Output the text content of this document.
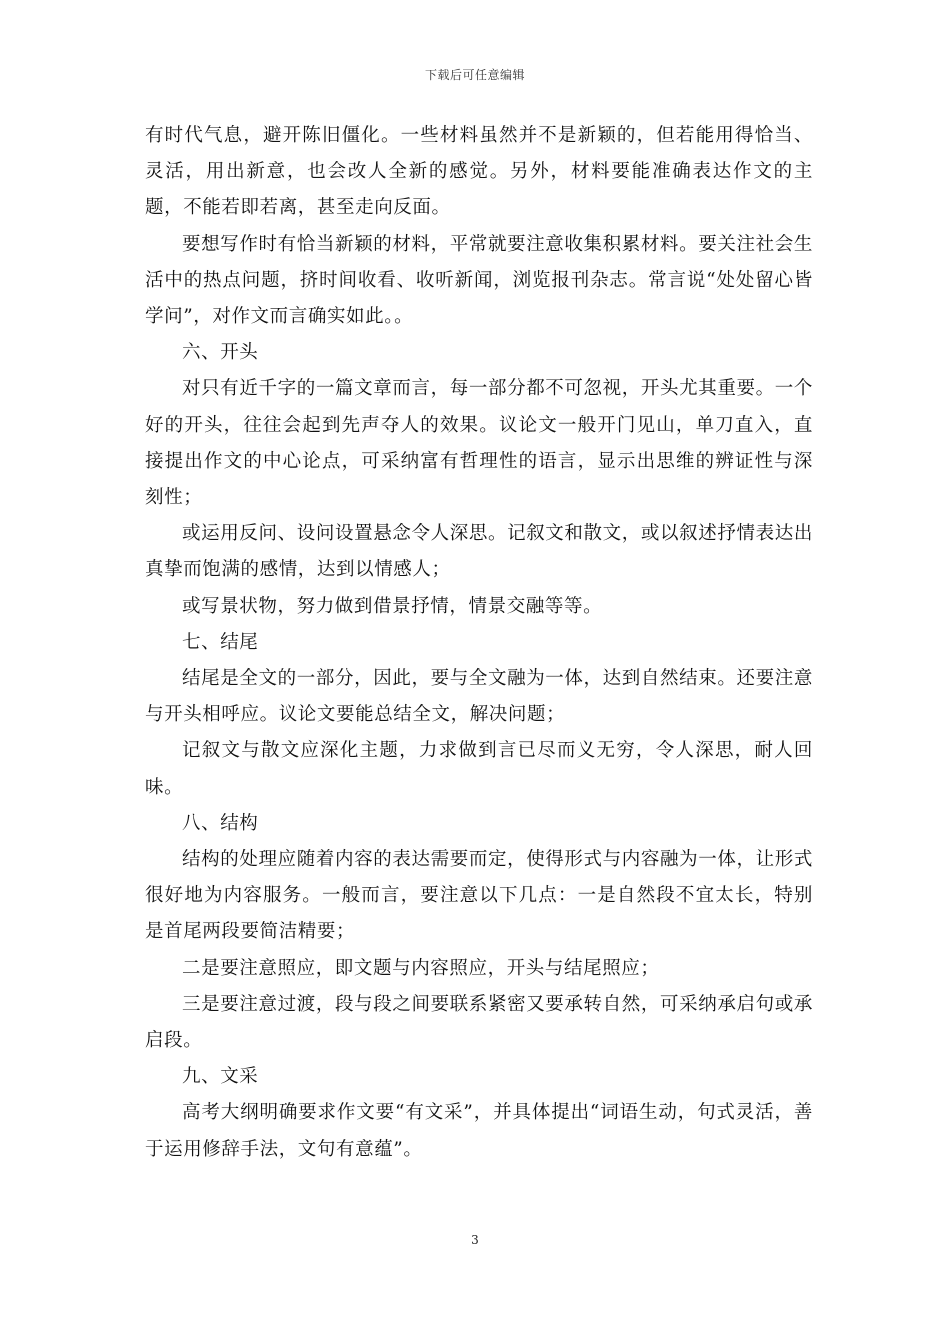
下载后可任意编辑

有时代气息，避开陈旧僵化。一些材料虽然并不是新颖的，但若能用得恰当、灵活，用出新意，也会改人全新的感觉。另外，材料要能准确表达作文的主题，不能若即若离，甚至走向反面。

要想写作时有恰当新颖的材料，平常就要注意收集积累材料。要关注社会生活中的热点问题，挤时间收看、收听新闻，浏览报刊杂志。常言说“处处留心皆学问”，对作文而言确实如此。。

六、开头

对只有近千字的一篇文章而言，每一部分都不可忽视，开头尤其重要。一个好的开头，往往会起到先声夺人的效果。议论文一般开门见山，单刀直入，直接提出作文的中心论点，可采纳富有哲理性的语言，显示出思维的辨证性与深刻性；

或运用反问、设问设置悬念令人深思。记叙文和散文，或以叙述抒情表达出真挚而饱满的感情，达到以情感人；

或写景状物，努力做到借景抒情，情景交融等等。

七、结尾

结尾是全文的一部分，因此，要与全文融为一体，达到自然结束。还要注意与开头相呼应。议论文要能总结全文，解决问题；

记叙文与散文应深化主题，力求做到言已尽而义无穷，令人深思，耐人回味。

八、结构

结构的处理应随着内容的表达需要而定，使得形式与内容融为一体，让形式很好地为内容服务。一般而言，要注意以下几点：一是自然段不宜太长，特别是首尾两段要简洁精要；

二是要注意照应，即文题与内容照应，开头与结尾照应；

三是要注意过渡，段与段之间要联系紧密又要承转自然，可采纳承启句或承启段。

九、文采

高考大纲明确要求作文要“有文采”，并具体提出“词语生动，句式灵活，善于运用修辞手法，文句有意蕴”。

3
